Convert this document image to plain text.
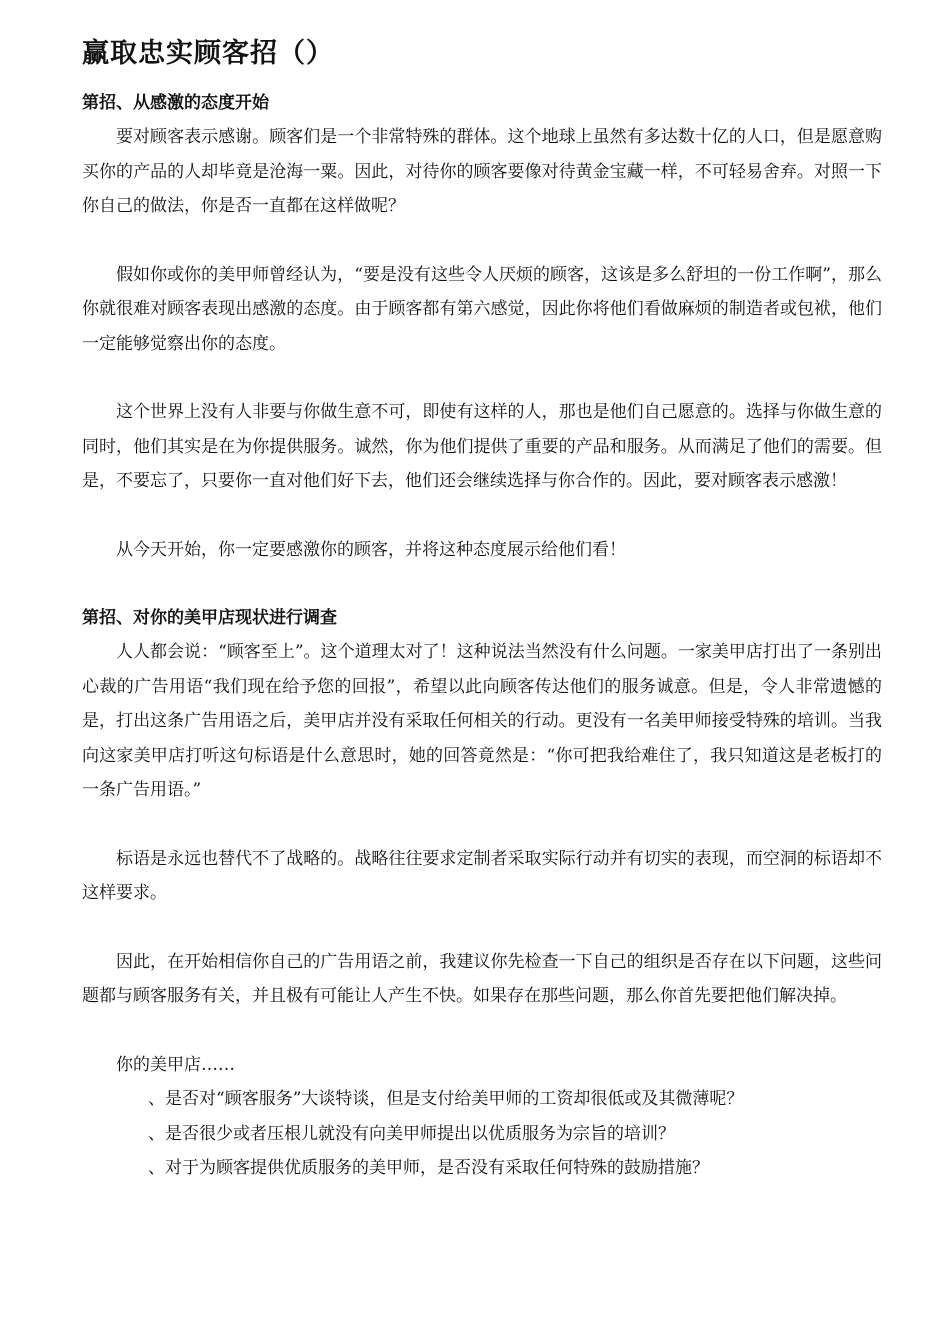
赢取忠实顾客招（）
第招、从感激的态度开始

要对顾客表示感谢。顾客们是一个非常特殊的群体。这个地球上虽然有多达数十亿的人口，但是愿意购买你的产品的人却毕竟是沧海一粟。因此，对待你的顾客要像对待黄金宝藏一样，不可轻易舍弃。对照一下你自己的做法，你是否一直都在这样做呢？

假如你或你的美甲师曾经认为，“要是没有这些令人厌烦的顾客，这该是多么舒坦的一份工作啊”，那么你就很难对顾客表现出感激的态度。由于顾客都有第六感觉，因此你将他们看做麻烦的制造者或包袱，他们一定能够觉察出你的态度。

这个世界上没有人非要与你做生意不可，即使有这样的人，那也是他们自己愿意的。选择与你做生意的同时，他们其实是在为你提供服务。诚然，你为他们提供了重要的产品和服务。从而满足了他们的需要。但是，不要忘了，只要你一直对他们好下去，他们还会继续选择与你合作的。因此，要对顾客表示感激！

从今天开始，你一定要感激你的顾客，并将这种态度展示给他们看！

第招、对你的美甲店现状进行调查

人人都会说：“顾客至上”。这个道理太对了！这种说法当然没有什么问题。一家美甲店打出了一条别出心裁的广告用语“我们现在给予您的回报”，希望以此向顾客传达他们的服务诚意。但是，令人非常遗憾的是，打出这条广告用语之后，美甲店并没有采取任何相关的行动。更没有一名美甲师接受特殊的培训。当我向这家美甲店打听这句标语是什么意思时，她的回答竟然是：“你可把我给难住了，我只知道这是老板打的一条广告用语。”

标语是永远也替代不了战略的。战略往往要求定制者采取实际行动并有切实的表现，而空洞的标语却不这样要求。

因此，在开始相信你自己的广告用语之前，我建议你先检查一下自己的组织是否存在以下问题，这些问题都与顾客服务有关，并且极有可能让人产生不快。如果存在那些问题，那么你首先要把他们解决掉。

你的美甲店……

、是否对“顾客服务”大谈特谈，但是支付给美甲师的工资却很低或及其微薄呢？

、是否很少或者压根儿就没有向美甲师提出以优质服务为宗旨的培训？

、对于为顾客提供优质服务的美甲师，是否没有采取任何特殊的鼓励措施？
